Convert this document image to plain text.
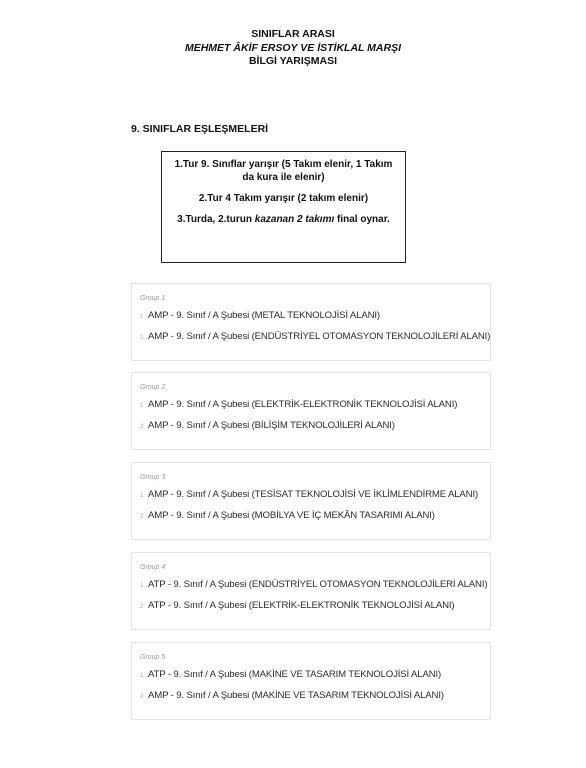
SINIFLAR ARASI
MEHMET ÂKİF ERSOY VE İSTİKLAL MARŞI
BİLGİ YARIŞMASI
9. SINIFLAR EŞLEŞMELERİ

1.Tur 9. Sınıflar yarışır (5 Takım elenir, 1 Takım da kura ile elenir)

2.Tur 4 Takım yarışır (2 takım elenir)

3.Turda, 2.turun kazanan 2 takımı final oynar.

Group 1
1 AMP - 9. Sınıf / A Şubesi (METAL TEKNOLOJİSİ ALANI)
2 AMP - 9. Sınıf / A Şubesi (ENDÜSTRİYEL OTOMASYON TEKNOLOJİLERİ ALANI)
Group 2
1 AMP - 9. Sınıf / A Şubesi (ELEKTRİK-ELEKTRONİK TEKNOLOJİSİ ALANI)
2 AMP - 9. Sınıf / A Şubesi (BİLİŞİM TEKNOLOJİLERİ ALANI)
Group 3
1 AMP - 9. Sınıf / A Şubesi (TESİSAT TEKNOLOJİSİ VE İKLİMLENDİRME ALANI)
2 AMP - 9. Sınıf / A Şubesi (MOBİLYA VE İÇ MEKÂN TASARIMI ALANI)
Group 4
1 ATP - 9. Sınıf / A Şubesi (ENDÜSTRİYEL OTOMASYON TEKNOLOJİLERİ ALANI)
2 ATP - 9. Sınıf / A Şubesi (ELEKTRİK-ELEKTRONİK TEKNOLOJİSİ ALANI)
Group 5
1 ATP - 9. Sınıf / A Şubesi (MAKİNE VE TASARIM TEKNOLOJİSİ ALANI)
2 AMP - 9. Sınıf / A Şubesi (MAKİNE VE TASARIM TEKNOLOJİSİ ALANI)
